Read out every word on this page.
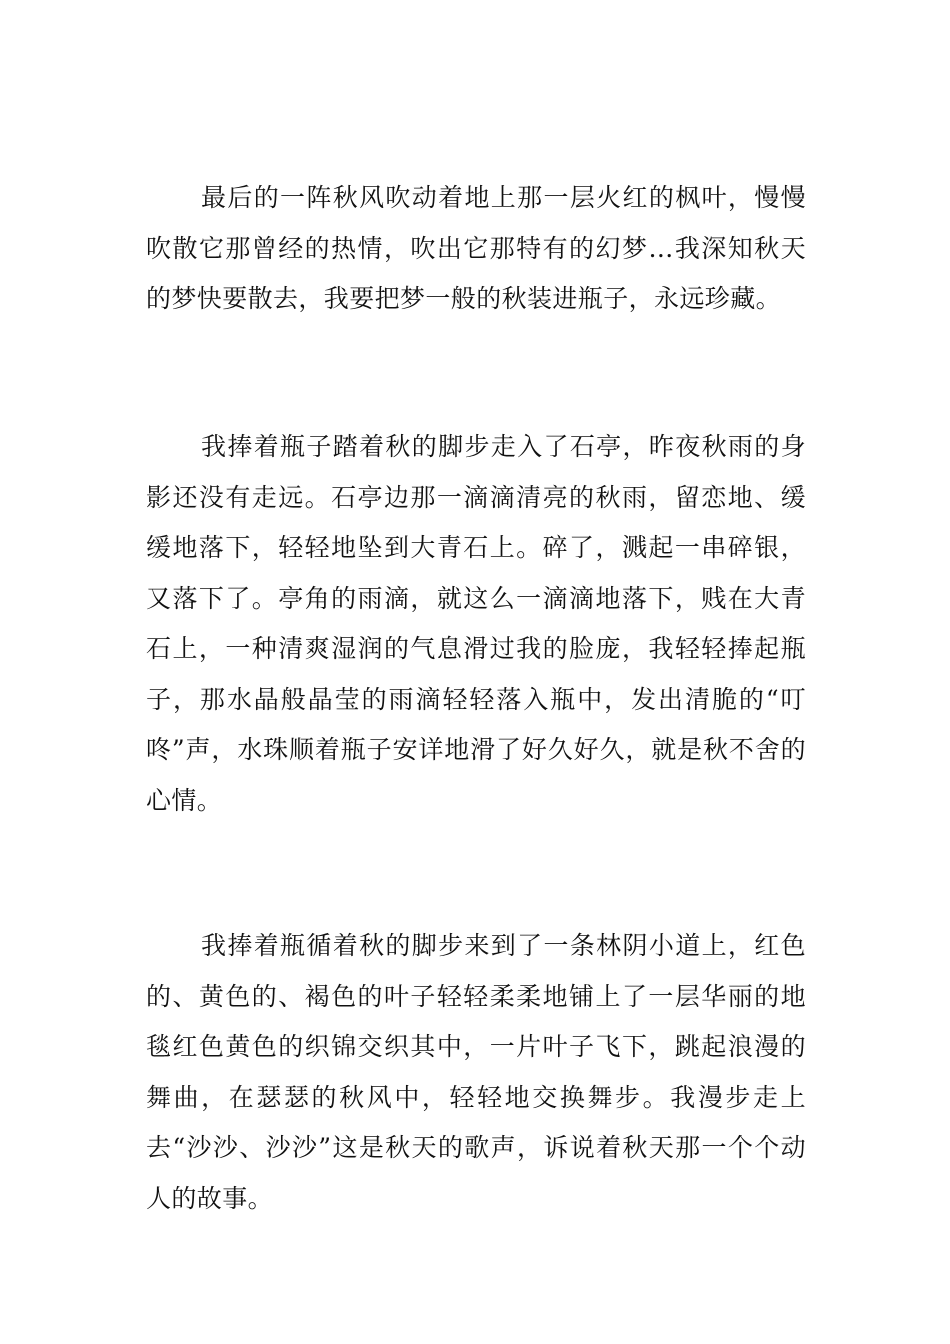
最后的一阵秋风吹动着地上那一层火红的枫叶，慢慢吹散它那曾经的热情，吹出它那特有的幻梦…我深知秋天的梦快要散去，我要把梦一般的秋装进瓶子，永远珍藏。

我捧着瓶子踏着秋的脚步走入了石亭，昨夜秋雨的身影还没有走远。石亭边那一滴滴清亮的秋雨，留恋地、缓缓地落下，轻轻地坠到大青石上。碎了，溅起一串碎银，又落下了。亭角的雨滴，就这么一滴滴地落下，贱在大青石上，一种清爽湿润的气息滑过我的脸庞，我轻轻捧起瓶子，那水晶般晶莹的雨滴轻轻落入瓶中，发出清脆的“叮咚”声，水珠顺着瓶子安详地滑了好久好久，就是秋不舍的心情。

我捧着瓶循着秋的脚步来到了一条林阴小道上，红色的、黄色的、褐色的叶子轻轻柔柔地铺上了一层华丽的地毯红色黄色的织锦交织其中，一片叶子飞下，跳起浪漫的舞曲，在瑟瑟的秋风中，轻轻地交换舞步。我漫步走上去“沙沙、沙沙”这是秋天的歌声，诉说着秋天那一个个动人的故事。
